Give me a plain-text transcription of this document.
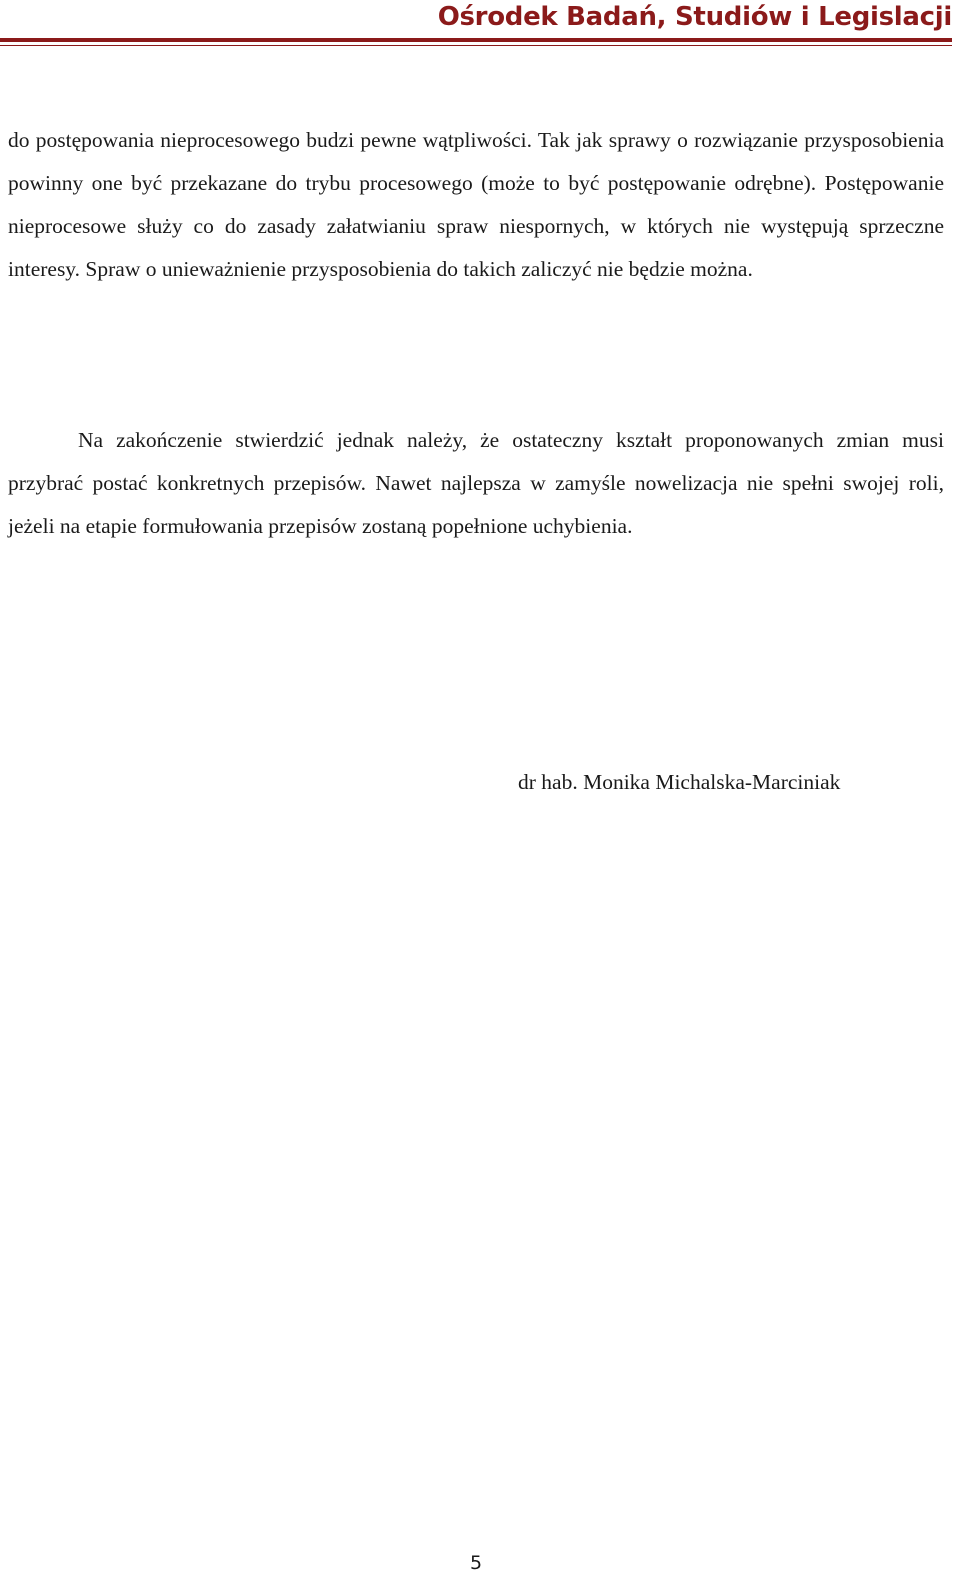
Ośrodek Badań, Studiów i Legislacji

do postępowania nieprocesowego budzi pewne wątpliwości. Tak jak sprawy o rozwiązanie przysposobienia powinny one być przekazane do trybu procesowego (może to być postępowanie odrębne). Postępowanie nieprocesowe służy co do zasady załatwianiu spraw niespornych, w których nie występują sprzeczne interesy. Spraw o unieważnienie przysposobienia do takich zaliczyć nie będzie można.

Na zakończenie stwierdzić jednak należy, że ostateczny kształt proponowanych zmian musi przybrać postać konkretnych przepisów. Nawet najlepsza w zamyśle nowelizacja nie spełni swojej roli, jeżeli na etapie formułowania przepisów zostaną popełnione uchybienia.

dr hab. Monika Michalska-Marciniak
5
